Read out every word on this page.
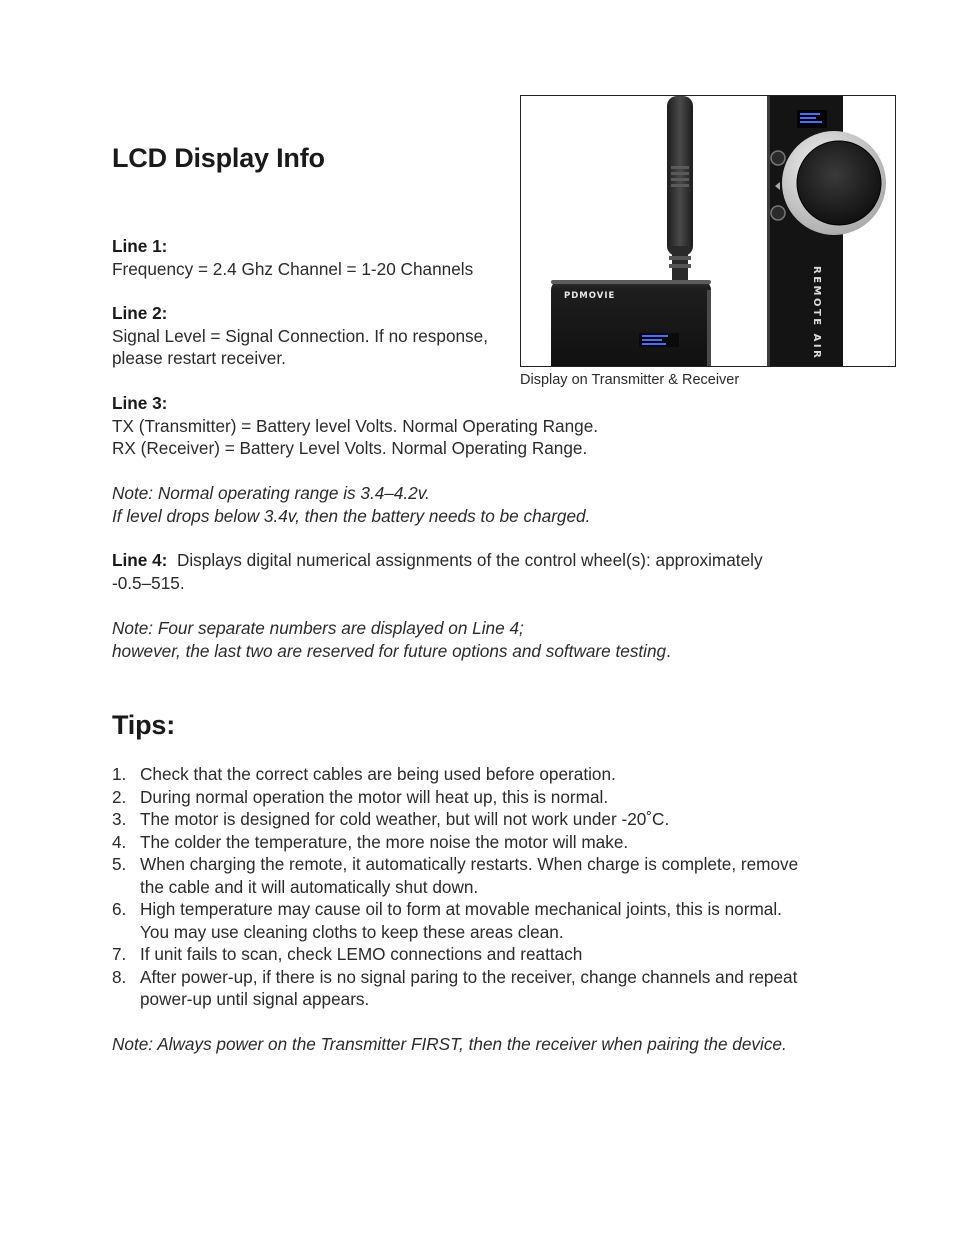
LCD Display Info
Line 1:
Frequency = 2.4 Ghz Channel = 1-20 Channels
Line 2:
Signal Level = Signal Connection. If no response,
please restart receiver.
Line 3:
TX (Transmitter) = Battery level Volts. Normal Operating Range.
RX (Receiver) = Battery Level Volts. Normal Operating Range.
Note: Normal operating range is 3.4–4.2v.
If level drops below 3.4v, then the battery needs to be charged.
Line 4: Displays digital numerical assignments of the control wheel(s): approximately
-0.5–515.
Note: Four separate numbers are displayed on Line 4;
however, the last two are reserved for future options and software testing.
PDMOVIE	REMOTE AIR
Display on Transmitter & Receiver
Tips:
1. Check that the correct cables are being used before operation.
2. During normal operation the motor will heat up, this is normal.
3. The motor is designed for cold weather, but will not work under -20˚C.
4. The colder the temperature, the more noise the motor will make.
5. When charging the remote, it automatically restarts. When charge is complete, remove
the cable and it will automatically shut down.
6. High temperature may cause oil to form at movable mechanical joints, this is normal.
You may use cleaning cloths to keep these areas clean.
7. If unit fails to scan, check LEMO connections and reattach
8. After power-up, if there is no signal paring to the receiver, change channels and repeat
power-up until signal appears.
Note: Always power on the Transmitter FIRST, then the receiver when pairing the device.
